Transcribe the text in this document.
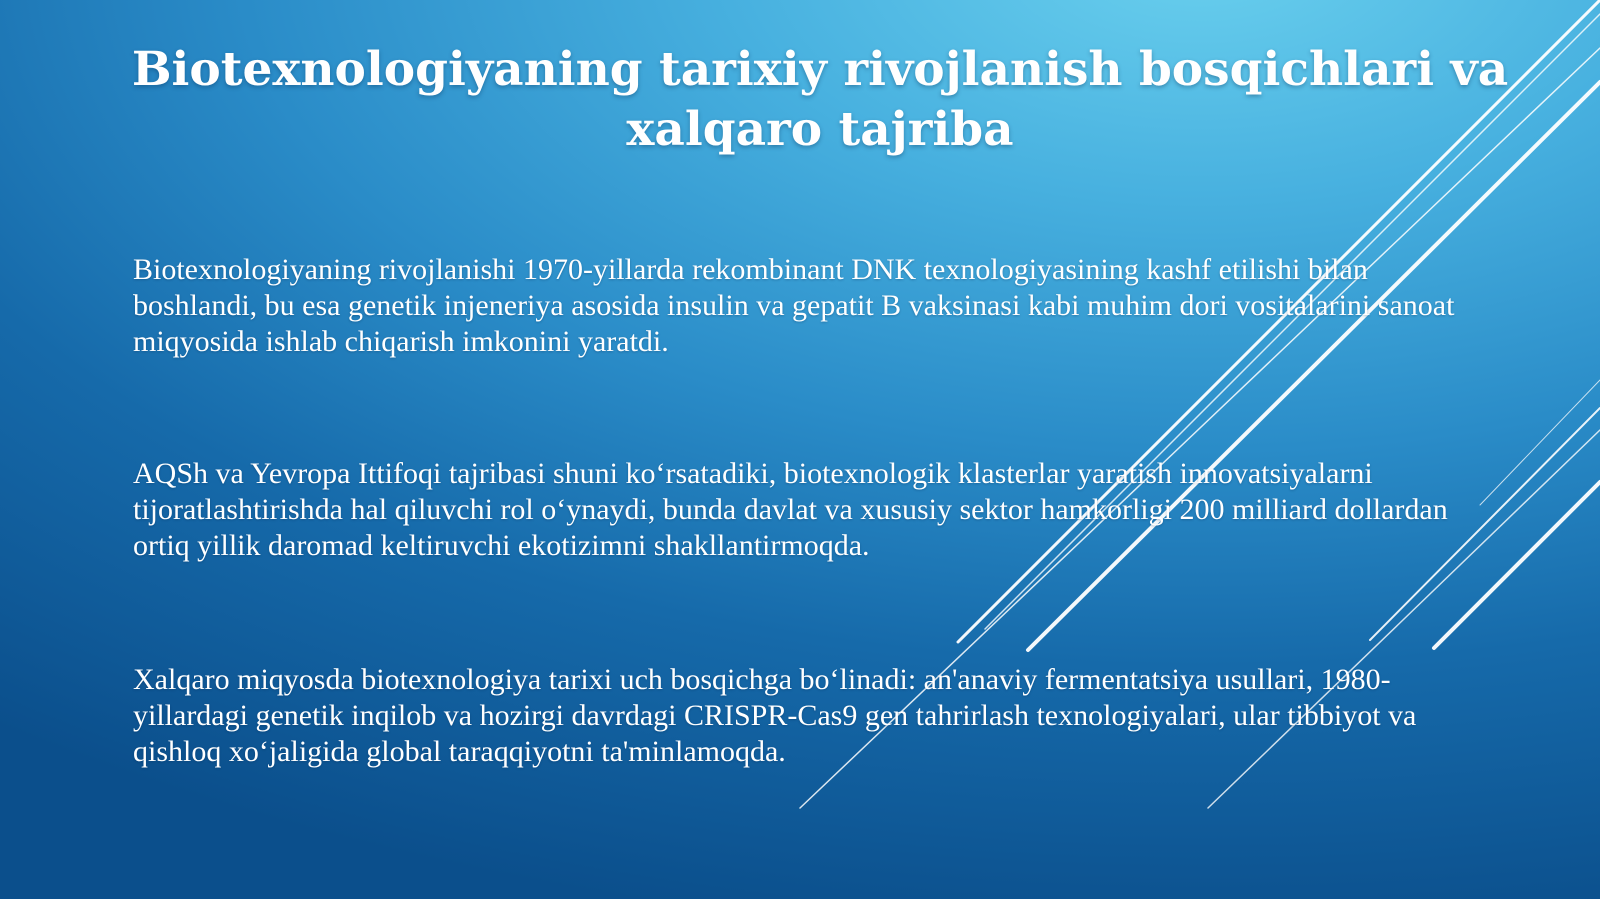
Biotexnologiyaning tarixiy rivojlanish bosqichlari va xalqaro tajriba

Biotexnologiyaning rivojlanishi 1970-yillarda rekombinant DNK texnologiyasining kashf etilishi bilan boshlandi, bu esa genetik injeneriya asosida insulin va gepatit B vaksinasi kabi muhim dori vositalarini sanoat miqyosida ishlab chiqarish imkonini yaratdi.

AQSh va Yevropa Ittifoqi tajribasi shuni koʻrsatadiki, biotexnologik klasterlar yaratish innovatsiyalarni tijoratlashtirishda hal qiluvchi rol oʻynaydi, bunda davlat va xususiy sektor hamkorligi 200 milliard dollardan ortiq yillik daromad keltiruvchi ekotizimni shakllantirmoqda.

Xalqaro miqyosda biotexnologiya tarixi uch bosqichga boʻlinadi: an'anaviy fermentatsiya usullari, 1980-yillardagi genetik inqilob va hozirgi davrdagi CRISPR-Cas9 gen tahrirlash texnologiyalari, ular tibbiyot va qishloq xoʻjaligida global taraqqiyotni ta'minlamoqda.
